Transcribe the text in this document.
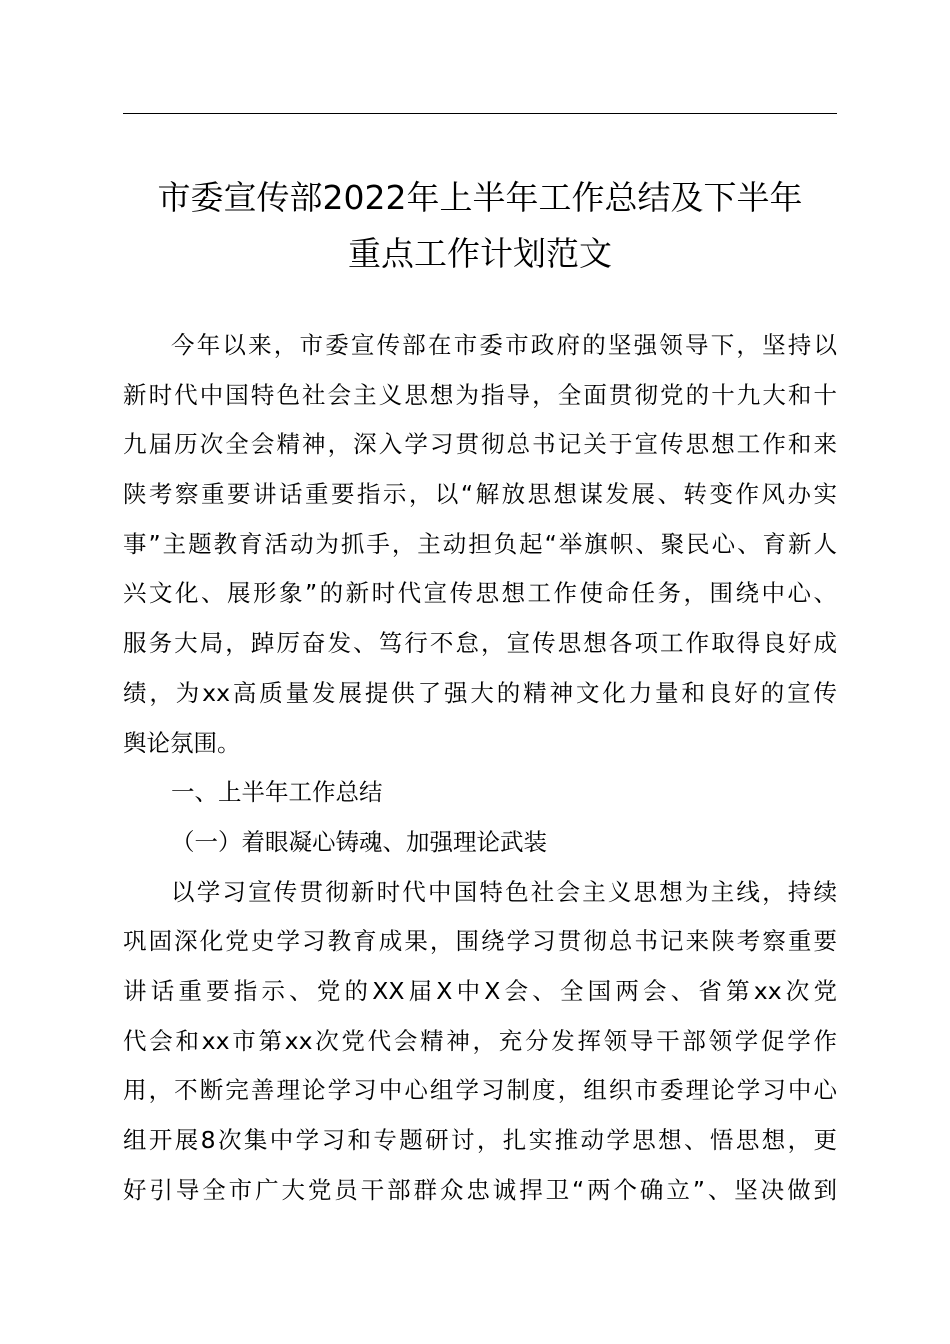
市委宣传部2022年上半年工作总结及下半年
重点工作计划范文

今年以来，市委宣传部在市委市政府的坚强领导下，坚持以
新时代中国特色社会主义思想为指导，全面贯彻党的十九大和十
九届历次全会精神，深入学习贯彻总书记关于宣传思想工作和来
陕考察重要讲话重要指示，以“解放思想谋发展、转变作风办实
事”主题教育活动为抓手，主动担负起“举旗帜、聚民心、育新人
兴文化、展形象”的新时代宣传思想工作使命任务，围绕中心、
服务大局，踔厉奋发、笃行不怠，宣传思想各项工作取得良好成
绩，为xx高质量发展提供了强大的精神文化力量和良好的宣传
舆论氛围。

一、上半年工作总结

（一）着眼凝心铸魂、加强理论武装

以学习宣传贯彻新时代中国特色社会主义思想为主线，持续
巩固深化党史学习教育成果，围绕学习贯彻总书记来陕考察重要
讲话重要指示、党的XX届X中X会、全国两会、省第xx次党
代会和xx市第xx次党代会精神，充分发挥领导干部领学促学作
用，不断完善理论学习中心组学习制度，组织市委理论学习中心
组开展8次集中学习和专题研讨，扎实推动学思想、悟思想，更
好引导全市广大党员干部群众忠诚捍卫“两个确立”、坚决做到
